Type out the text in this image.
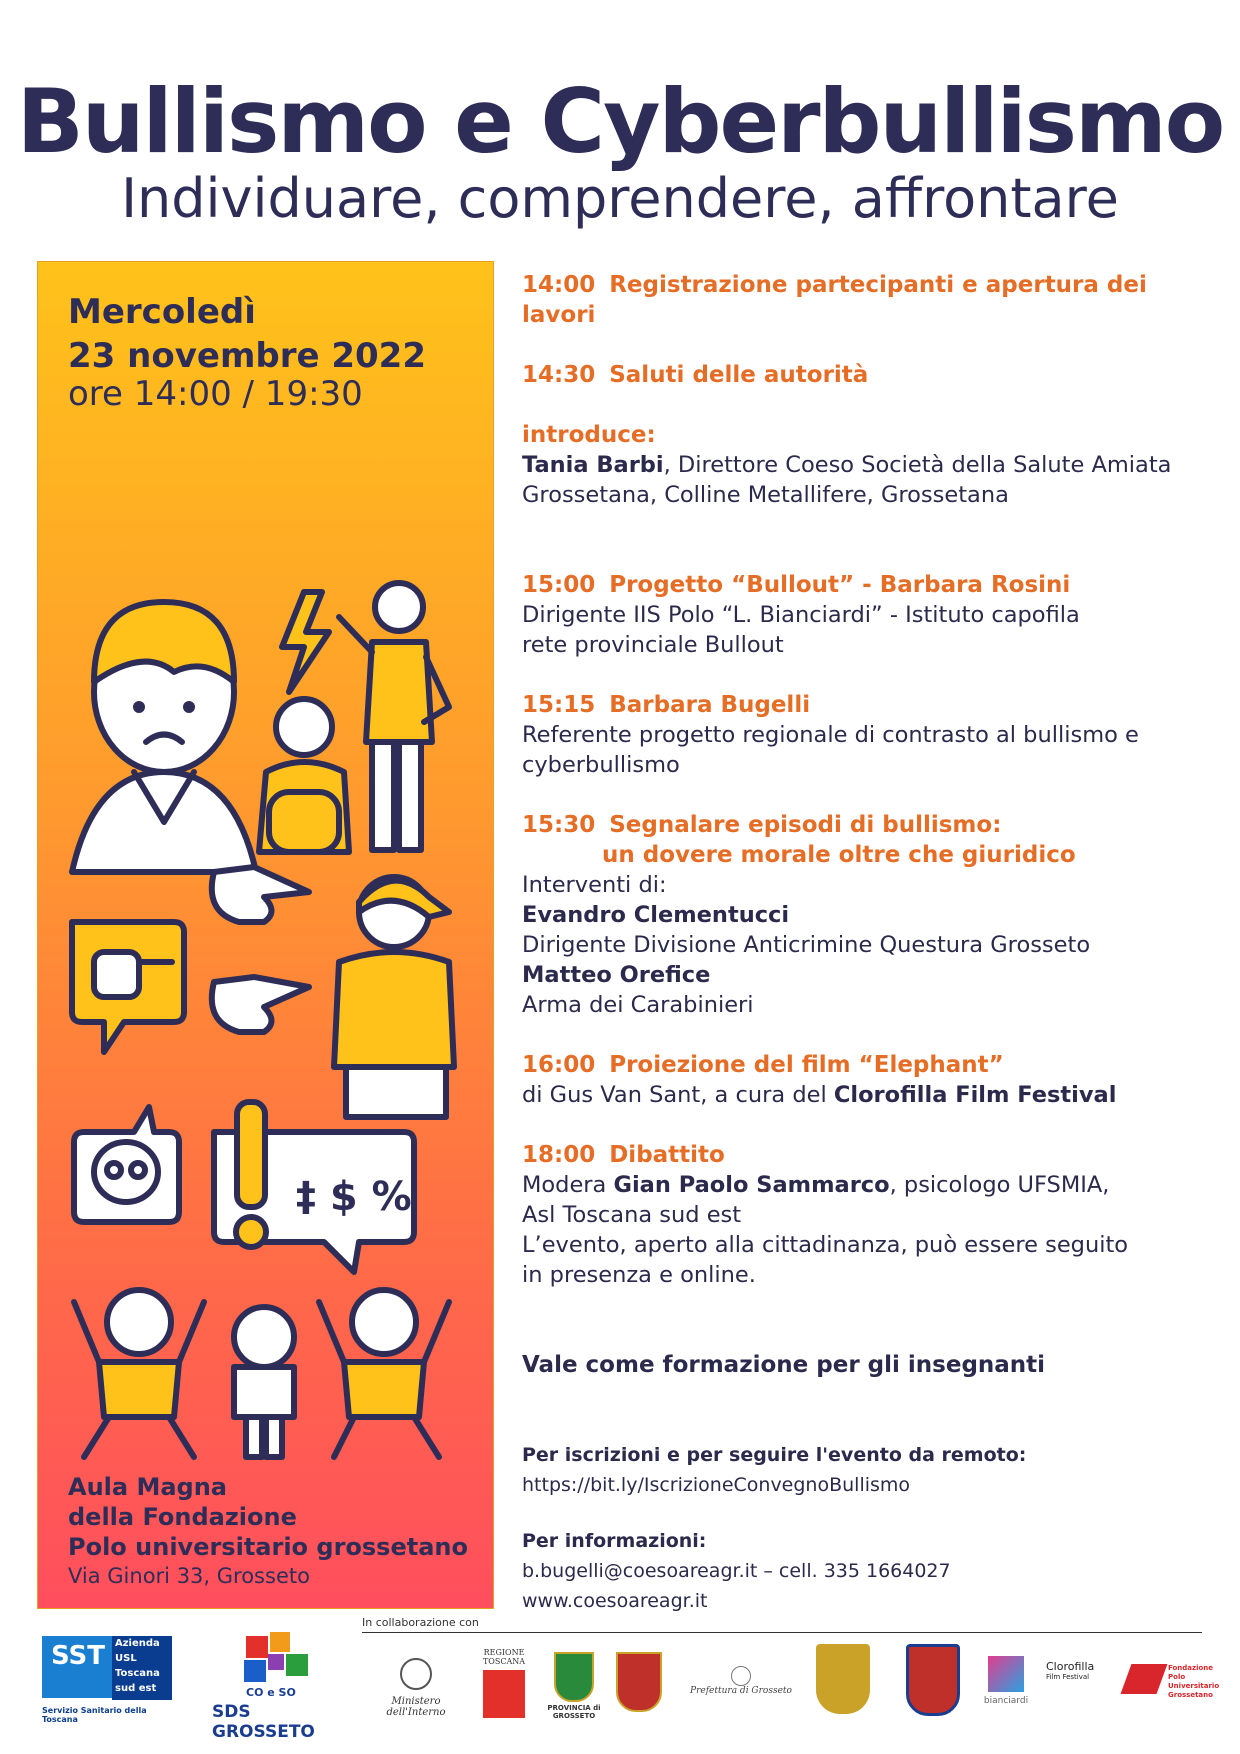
Bullismo e Cyberbullismo
Individuare, comprendere, affrontare
Mercoledì
23 novembre 2022
ore 14:00 / 19:30
‡ $ %
Aula Magna
della Fondazione
Polo universitario grossetano
Via Ginori 33, Grosseto
14:00 Registrazione partecipanti e apertura dei lavori
14:30 Saluti delle autorità
introduce:
Tania Barbi, Direttore Coeso Società della Salute Amiata Grossetana, Colline Metallifere, Grossetana
15:00 Progetto “Bullout” - Barbara Rosini
Dirigente IIS Polo “L. Bianciardi” - Istituto capofila
rete provinciale Bullout
15:15 Barbara Bugelli
Referente progetto regionale di contrasto al bullismo e
cyberbullismo
15:30 Segnalare episodi di bullismo:
un dovere morale oltre che giuridico
Interventi di:
Evandro Clementucci
Dirigente Divisione Anticrimine Questura Grosseto
Matteo Orefice
Arma dei Carabinieri
16:00 Proiezione del film “Elephant”
di Gus Van Sant, a cura del Clorofilla Film Festival
18:00 Dibattito
Modera Gian Paolo Sammarco, psicologo UFSMIA,
Asl Toscana sud est
L’evento, aperto alla cittadinanza, può essere seguito
in presenza e online.
Vale come formazione per gli insegnanti
Per iscrizioni e per seguire l'evento da remoto:
https://bit.ly/IscrizioneConvegnoBullismo
Per informazioni:
b.bugelli@coesoareagr.it – cell. 335 1664027
www.coesoareagr.it
In collaborazione con
SST Azienda
USL
Toscana
sud est
Servizio Sanitario della Toscana
CO e SO
SDS GROSSETO
Ministero dell'Interno
REGIONE TOSCANA
PROVINCIA di GROSSETO
Prefettura di Grosseto
bianciardi
Clorofilla
Film Festival
Fondazione
Polo Universitario
Grossetano
